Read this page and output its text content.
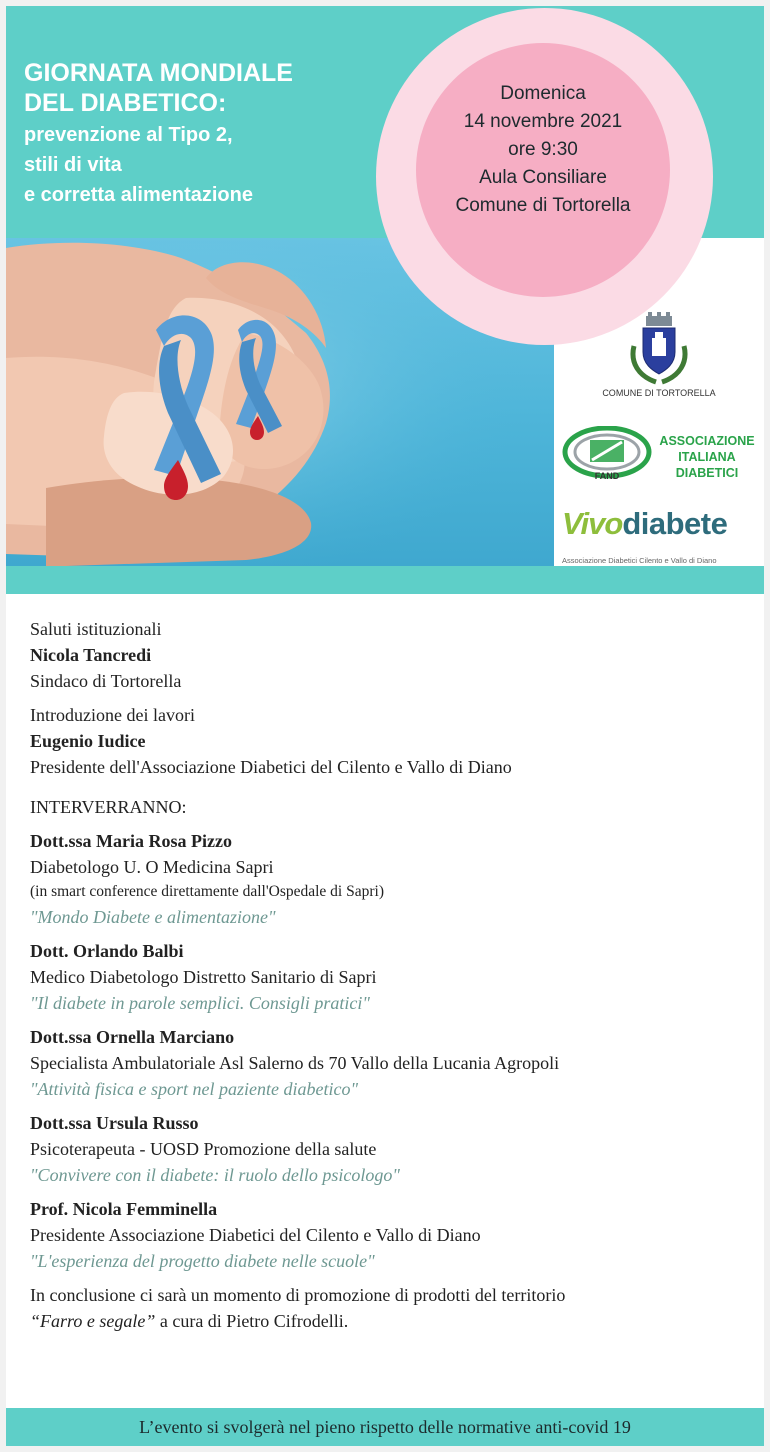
GIORNATA MONDIALE
DEL DIABETICO:
prevenzione al Tipo 2,
stili di vita
e corretta alimentazione
COMUNE DI TORTORELLA
FAND
ASSOCIAZIONE
ITALIANA
DIABETICI
Vivodiabete
Associazione Diabetici Cilento e Vallo di Diano
Domenica
14 novembre 2021
ore 9:30
Aula Consiliare
Comune di Tortorella
Saluti istituzionali
Nicola Tancredi
Sindaco di Tortorella
Introduzione dei lavori
Eugenio Iudice
Presidente dell'Associazione Diabetici del Cilento e Vallo di Diano
INTERVERRANNO:
Dott.ssa Maria Rosa Pizzo
Diabetologo U. O Medicina Sapri
(in smart conference direttamente dall'Ospedale di Sapri)
"Mondo Diabete e alimentazione"
Dott. Orlando Balbi
Medico Diabetologo Distretto Sanitario di Sapri
"Il diabete in parole semplici. Consigli pratici"
Dott.ssa Ornella Marciano
Specialista Ambulatoriale Asl Salerno ds 70 Vallo della Lucania Agropoli
"Attività fisica e sport nel paziente diabetico"
Dott.ssa Ursula Russo
Psicoterapeuta - UOSD Promozione della salute
"Convivere con il diabete: il ruolo dello psicologo"
Prof. Nicola Femminella
Presidente Associazione Diabetici del Cilento e Vallo di Diano
"L'esperienza del progetto diabete nelle scuole"
In conclusione ci sarà un momento di promozione di prodotti del territorio
“Farro e segale” a cura di Pietro Cifrodelli.
L’evento si svolgerà nel pieno rispetto delle normative anti-covid 19
